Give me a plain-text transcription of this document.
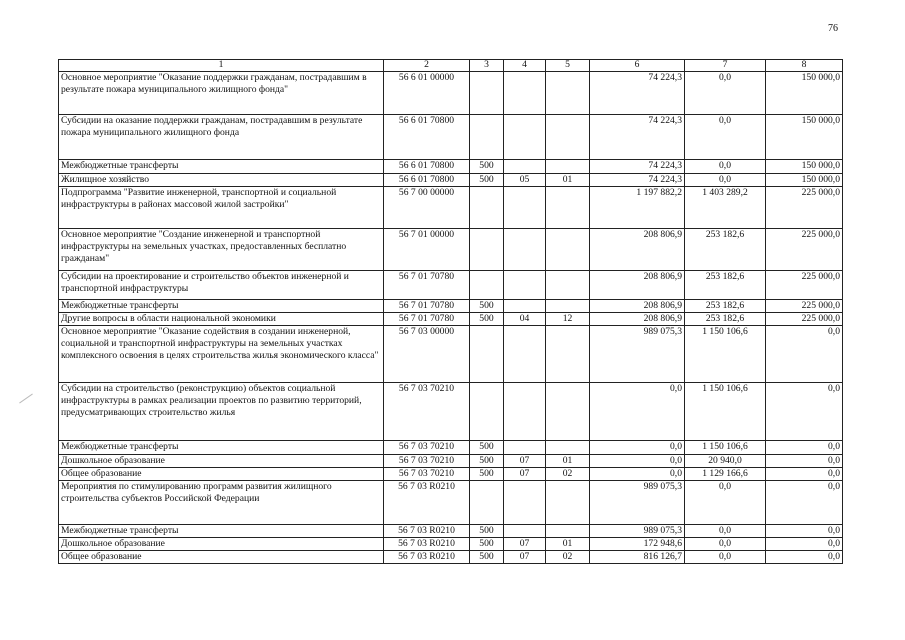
76
1	2	3	4	5	6	7	8
Основное мероприятие "Оказание поддержки гражданам, пострадавшим в результате пожара муниципального жилищного фонда"	56 6 01 00000				74 224,3	0,0	150 000,0
Субсидии на оказание поддержки гражданам, пострадавшим в результате пожара муниципального жилищного фонда	56 6 01 70800				74 224,3	0,0	150 000,0
Межбюджетные трансферты	56 6 01 70800	500			74 224,3	0,0	150 000,0
Жилищное хозяйство	56 6 01 70800	500	05	01	74 224,3	0,0	150 000,0
Подпрограмма "Развитие инженерной, транспортной и социальной инфраструктуры в районах массовой жилой застройки"	56 7 00 00000				1 197 882,2	1 403 289,2	225 000,0
Основное мероприятие "Создание инженерной и транспортной инфраструктуры на земельных участках, предоставленных бесплатно гражданам"	56 7 01 00000				208 806,9	253 182,6	225 000,0
Субсидии на проектирование и строительство объектов инженерной и транспортной инфраструктуры	56 7 01 70780				208 806,9	253 182,6	225 000,0
Межбюджетные трансферты	56 7 01 70780	500			208 806,9	253 182,6	225 000,0
Другие вопросы в области национальной экономики	56 7 01 70780	500	04	12	208 806,9	253 182,6	225 000,0
Основное мероприятие "Оказание содействия в создании инженерной, социальной и транспортной инфраструктуры на земельных участках комплексного освоения в целях строительства жилья экономического класса"	56 7 03 00000				989 075,3	1 150 106,6	0,0
Субсидии на строительство (реконструкцию) объектов социальной инфраструктуры в рамках реализации проектов по развитию территорий, предусматривающих строительство жилья	56 7 03 70210				0,0	1 150 106,6	0,0
Межбюджетные трансферты	56 7 03 70210	500			0,0	1 150 106,6	0,0
Дошкольное образование	56 7 03 70210	500	07	01	0,0	20 940,0	0,0
Общее образование	56 7 03 70210	500	07	02	0,0	1 129 166,6	0,0
Мероприятия по стимулированию программ развития жилищного строительства субъектов Российской Федерации	56 7 03 R0210				989 075,3	0,0	0,0
Межбюджетные трансферты	56 7 03 R0210	500			989 075,3	0,0	0,0
Дошкольное образование	56 7 03 R0210	500	07	01	172 948,6	0,0	0,0
Общее образование	56 7 03 R0210	500	07	02	816 126,7	0,0	0,0
